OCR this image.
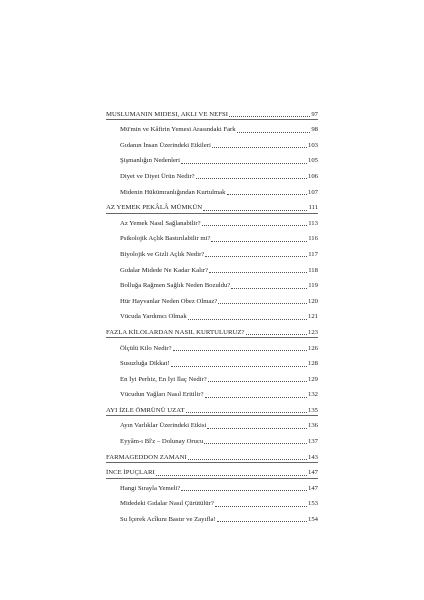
MUSLUMANIN MIDESI, AKLI VE NEFSI	97
Mü'min ve Kâfirin Yemesi Arasındaki Fark	98
Gıdanın İnsan Üzerindeki Etkileri	103
Şişmanlığın Nedenleri	105
Diyet ve Diyet Ürün Nedir?	106
Midenin Hükümranlığından Kurtulmak	107
AZ YEMEK PEKÂLÂ MÜMKÜN	111
Az Yemek Nasıl Sağlanabilir?	113
Psikolojik Açlık Bastırılabilir mi?	116
Biyolojik ve Gizli Açlık Nedir?	117
Gıdalar Midede Ne Kadar Kalır?	118
Bolluğa Rağmen Sağlık Neden Bozuldu?	119
Hür Hayvanlar Neden Obez Olmaz?	120
Vücuda Yardımcı Olmak	121
FAZLA KİLOLARDAN NASIL KURTULURUZ?	123
Ölçülü Kilo Nedir?	126
Susuzluğa Dikkat!	128
En İyi Perhiz, En İyi İlaç Nedir?	129
Vücudun Yağları Nasıl Eritilir?	132
AYI İZLE ÖMRÜNÜ UZAT	135
Ayın Varlıklar Üzerindeki Etkisi	136
Eyyâm-ı Bî'z – Dolunay Orucu	137
FARMAGEDDON ZAMANI	143
İNCE İPUÇLARI	147
Hangi Sırayla Yemeli?	147
Midedeki Gıdalar Nasıl Çürütülür?	153
Su İçerek Acîkını Bastır ve Zayıfla!	154
